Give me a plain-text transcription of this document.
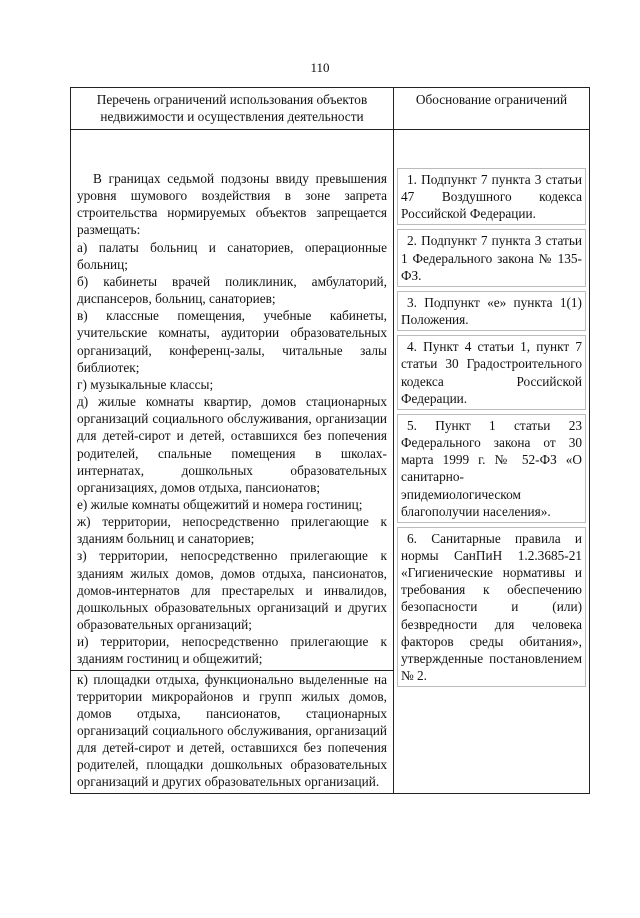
110
Перечень ограничений использования объектов недвижимости и осуществления деятельности
Обоснование ограничений

В границах седьмой подзоны ввиду превышения уровня шумового воздействия в зоне запрета строительства нормируемых объектов запрещается размещать:

а) палаты больниц и санаториев, операционные больниц;

б) кабинеты врачей поликлиник, амбулаторий, диспансеров, больниц, санаториев;

в) классные помещения, учебные кабинеты, учительские комнаты, аудитории образовательных организаций, конференц-залы, читальные залы библиотек;

г) музыкальные классы;

д) жилые комнаты квартир, домов стационарных организаций социального обслуживания, организации для детей-сирот и детей, оставшихся без попечения родителей, спальные помещения в школах-интернатах, дошкольных образовательных организациях, домов отдыха, пансионатов;

е) жилые комнаты общежитий и номера гостиниц;

ж) территории, непосредственно прилегающие к зданиям больниц и санаториев;

з) территории, непосредственно прилегающие к зданиям жилых домов, домов отдыха, пансионатов, домов-интернатов для престарелых и инвалидов, дошкольных образовательных организаций и других образовательных организаций;

и) территории, непосредственно прилегающие к зданиям гостиниц и общежитий;

к) площадки отдыха, функционально выделенные на территории микрорайонов и групп жилых домов, домов отдыха, пансионатов, стационарных организаций социального обслуживания, организаций для детей-сирот и детей, оставшихся без попечения родителей, площадки дошкольных образовательных организаций и других образовательных организаций.

1. Подпункт 7 пункта 3 статьи 47 Воздушного кодекса Российской Федерации.
2. Подпункт 7 пункта 3 статьи 1 Федерального закона № 135-ФЗ.
3. Подпункт «е» пункта 1(1) Положения.
4. Пункт 4 статьи 1, пункт 7 статьи 30 Градостроительного кодекса Российской Федерации.
5. Пункт 1 статьи 23 Федерального закона от 30 марта 1999 г. № 52-ФЗ «О санитарно-эпидемиологическом благополучии населения».
6. Санитарные правила и нормы СанПиН 1.2.3685-21 «Гигиенические нормативы и требования к обеспечению безопасности и (или) безвредности для человека факторов среды обитания», утвержденные постановлением № 2.
